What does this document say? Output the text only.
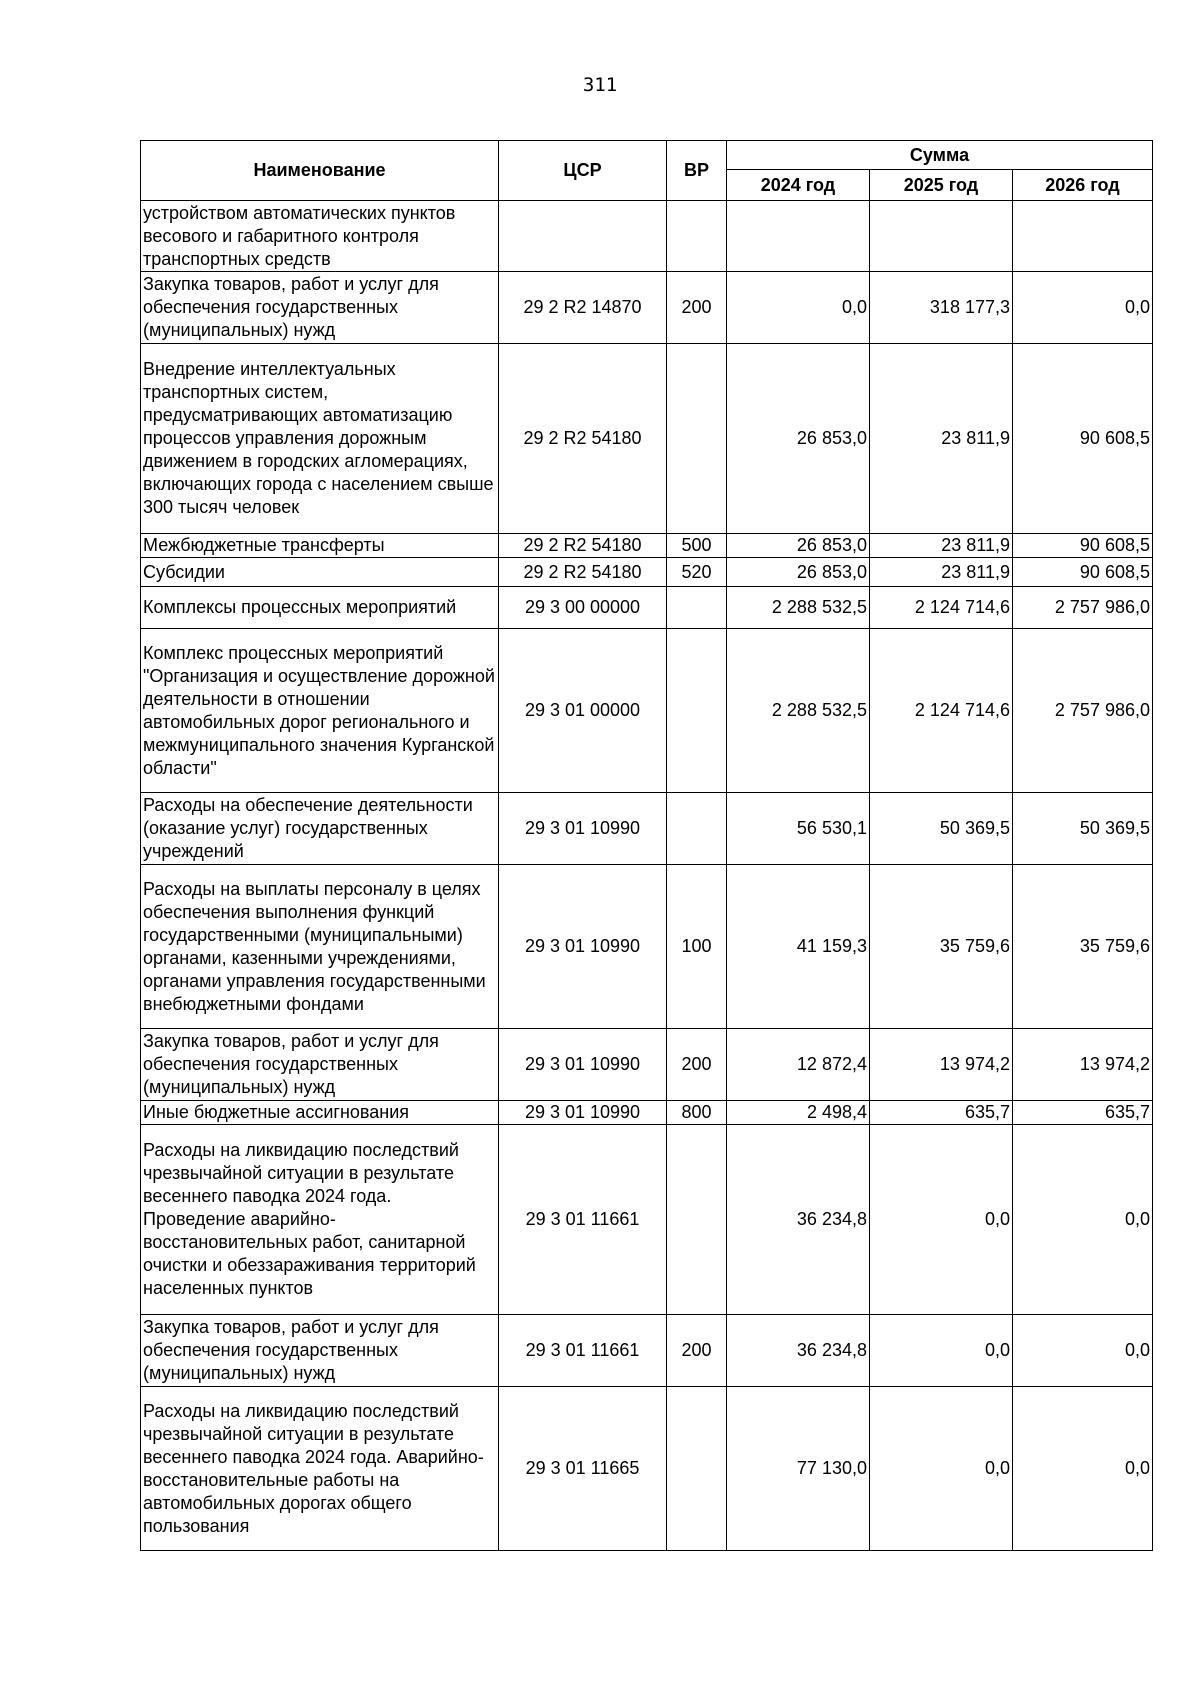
311
Наименование	ЦСР	ВР	Сумма		
			2024 год	2025 год	2026 год
устройством автоматических пунктов весового и габаритного контроля транспортных средств					
Закупка товаров, работ и услуг для обеспечения государственных (муниципальных) нужд	29 2 R2 14870	200	0,0	318 177,3	0,0
Внедрение интеллектуальных транспортных систем, предусматривающих автоматизацию процессов управления дорожным движением в городских агломерациях, включающих города с населением свыше 300 тысяч человек	29 2 R2 54180		26 853,0	23 811,9	90 608,5
Межбюджетные трансферты	29 2 R2 54180	500	26 853,0	23 811,9	90 608,5
Субсидии	29 2 R2 54180	520	26 853,0	23 811,9	90 608,5
Комплексы процессных мероприятий	29 3 00 00000		2 288 532,5	2 124 714,6	2 757 986,0
Комплекс процессных мероприятий "Организация и осуществление дорожной деятельности в отношении автомобильных дорог регионального и межмуниципального значения Курганской области"	29 3 01 00000		2 288 532,5	2 124 714,6	2 757 986,0
Расходы на обеспечение деятельности (оказание услуг) государственных учреждений	29 3 01 10990		56 530,1	50 369,5	50 369,5
Расходы на выплаты персоналу в целях обеспечения выполнения функций государственными (муниципальными) органами, казенными учреждениями, органами управления государственными внебюджетными фондами	29 3 01 10990	100	41 159,3	35 759,6	35 759,6
Закупка товаров, работ и услуг для обеспечения государственных (муниципальных) нужд	29 3 01 10990	200	12 872,4	13 974,2	13 974,2
Иные бюджетные ассигнования	29 3 01 10990	800	2 498,4	635,7	635,7
Расходы на ликвидацию последствий чрезвычайной ситуации в результате весеннего паводка 2024 года. Проведение аварийно-восстановительных работ, санитарной очистки и обеззараживания территорий населенных пунктов	29 3 01 11661		36 234,8	0,0	0,0
Закупка товаров, работ и услуг для обеспечения государственных (муниципальных) нужд	29 3 01 11661	200	36 234,8	0,0	0,0
Расходы на ликвидацию последствий чрезвычайной ситуации в результате весеннего паводка 2024 года. Аварийно-восстановительные работы на автомобильных дорогах общего пользования	29 3 01 11665		77 130,0	0,0	0,0
